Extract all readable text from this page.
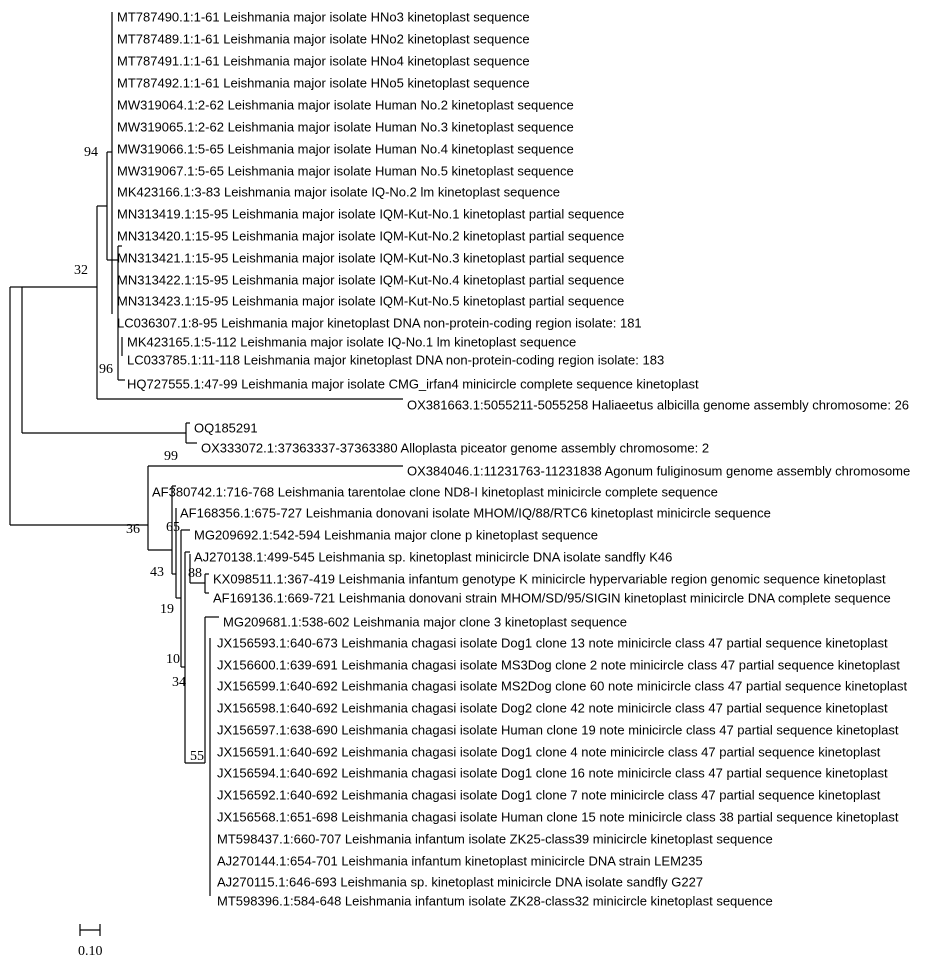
MT787490.1:1-61 Leishmania major isolate HNo3 kinetoplast sequence
MT787489.1:1-61 Leishmania major isolate HNo2 kinetoplast sequence
MT787491.1:1-61 Leishmania major isolate HNo4 kinetoplast sequence
MT787492.1:1-61 Leishmania major isolate HNo5 kinetoplast sequence
MW319064.1:2-62 Leishmania major isolate Human No.2 kinetoplast sequence
MW319065.1:2-62 Leishmania major isolate Human No.3 kinetoplast sequence
MW319066.1:5-65 Leishmania major isolate Human No.4 kinetoplast sequence
MW319067.1:5-65 Leishmania major isolate Human No.5 kinetoplast sequence
MK423166.1:3-83 Leishmania major isolate IQ-No.2 lm kinetoplast sequence
MN313419.1:15-95 Leishmania major isolate IQM-Kut-No.1 kinetoplast partial sequence
MN313420.1:15-95 Leishmania major isolate IQM-Kut-No.2 kinetoplast partial sequence
MN313421.1:15-95 Leishmania major isolate IQM-Kut-No.3 kinetoplast partial sequence
MN313422.1:15-95 Leishmania major isolate IQM-Kut-No.4 kinetoplast partial sequence
MN313423.1:15-95 Leishmania major isolate IQM-Kut-No.5 kinetoplast partial sequence
LC036307.1:8-95 Leishmania major kinetoplast DNA non-protein-coding region isolate: 181
MK423165.1:5-112 Leishmania major isolate IQ-No.1 lm kinetoplast sequence
LC033785.1:11-118 Leishmania major kinetoplast DNA non-protein-coding region isolate: 183
HQ727555.1:47-99 Leishmania major isolate CMG_irfan4 minicircle complete sequence kinetoplast
OX381663.1:5055211-5055258 Haliaeetus albicilla genome assembly chromosome: 26
OQ185291
OX333072.1:37363337-37363380 Alloplasta piceator genome assembly chromosome: 2
OX384046.1:11231763-11231838 Agonum fuliginosum genome assembly chromosome
AF380742.1:716-768 Leishmania tarentolae clone ND8-I kinetoplast minicircle complete sequence
AF168356.1:675-727 Leishmania donovani isolate MHOM/IQ/88/RTC6 kinetoplast minicircle sequence
MG209692.1:542-594 Leishmania major clone p kinetoplast sequence
AJ270138.1:499-545 Leishmania sp. kinetoplast minicircle DNA isolate sandfly K46
KX098511.1:367-419 Leishmania infantum genotype K minicircle hypervariable region genomic sequence kinetoplast
AF169136.1:669-721 Leishmania donovani strain MHOM/SD/95/SIGIN kinetoplast minicircle DNA complete sequence
MG209681.1:538-602 Leishmania major clone 3 kinetoplast sequence
JX156593.1:640-673 Leishmania chagasi isolate Dog1 clone 13 note minicircle class 47 partial sequence kinetoplast
JX156600.1:639-691 Leishmania chagasi isolate MS3Dog clone 2 note minicircle class 47 partial sequence kinetoplast
JX156599.1:640-692 Leishmania chagasi isolate MS2Dog clone 60 note minicircle class 47 partial sequence kinetoplast
JX156598.1:640-692 Leishmania chagasi isolate Dog2 clone 42 note minicircle class 47 partial sequence kinetoplast
JX156597.1:638-690 Leishmania chagasi isolate Human clone 19 note minicircle class 47 partial sequence kinetoplast
JX156591.1:640-692 Leishmania chagasi isolate Dog1 clone 4 note minicircle class 47 partial sequence kinetoplast
JX156594.1:640-692 Leishmania chagasi isolate Dog1 clone 16 note minicircle class 47 partial sequence kinetoplast
JX156592.1:640-692 Leishmania chagasi isolate Dog1 clone 7 note minicircle class 47 partial sequence kinetoplast
JX156568.1:651-698 Leishmania chagasi isolate Human clone 15 note minicircle class 38 partial sequence kinetoplast
MT598437.1:660-707 Leishmania infantum isolate ZK25-class39 minicircle kinetoplast sequence
AJ270144.1:654-701 Leishmania infantum kinetoplast minicircle DNA strain LEM235
AJ270115.1:646-693 Leishmania sp. kinetoplast minicircle DNA isolate sandfly G227
MT598396.1:584-648 Leishmania infantum isolate ZK28-class32 minicircle kinetoplast sequence
94
32
96
99
36 65
43 88
19
10
34
55
0.10
